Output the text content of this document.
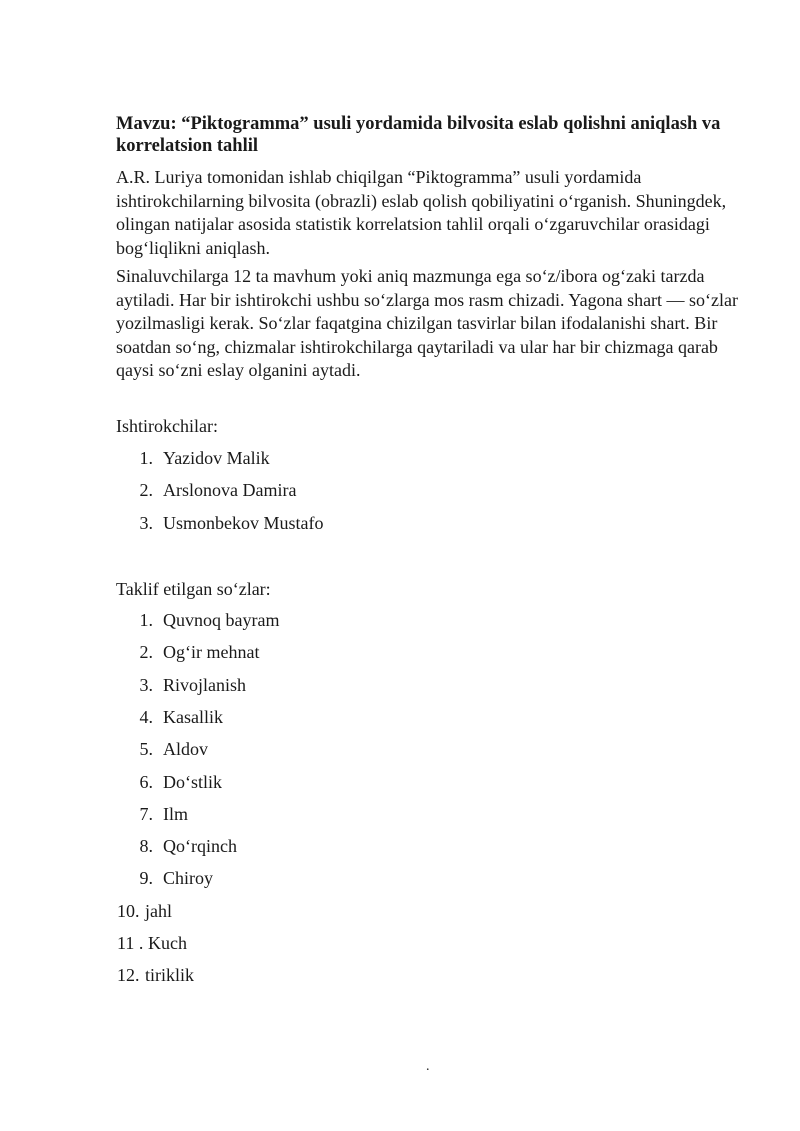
Mavzu: “Piktogramma” usuli yordamida bilvosita eslab qolishni aniqlash va korrelatsion tahlil
A.R. Luriya tomonidan ishlab chiqilgan “Piktogramma” usuli yordamida ishtirokchilarning bilvosita (obrazli) eslab qolish qobiliyatini o‘rganish. Shuningdek, olingan natijalar asosida statistik korrelatsion tahlil orqali o‘zgaruvchilar orasidagi bog‘liqlikni aniqlash.
Sinaluvchilarga 12 ta mavhum yoki aniq mazmunga ega so‘z/ibora og‘zaki tarzda aytiladi. Har bir ishtirokchi ushbu so‘zlarga mos rasm chizadi. Yagona shart — so‘zlar yozilmasligi kerak. So‘zlar faqatgina chizilgan tasvirlar bilan ifodalanishi shart. Bir soatdan so‘ng, chizmalar ishtirokchilarga qaytariladi va ular har bir chizmaga qarab qaysi so‘zni eslay olganini aytadi.
Ishtirokchilar:
1. Yazidov Malik
2. Arslonova Damira
3. Usmonbekov Mustafo
Taklif etilgan so‘zlar:
1. Quvnoq bayram
2. Og‘ir mehnat
3. Rivojlanish
4. Kasallik
5. Aldov
6. Do‘stlik
7. Ilm
8. Qo‘rqinch
9. Chiroy
10. jahl
11 . Kuch
12. tiriklik
.
